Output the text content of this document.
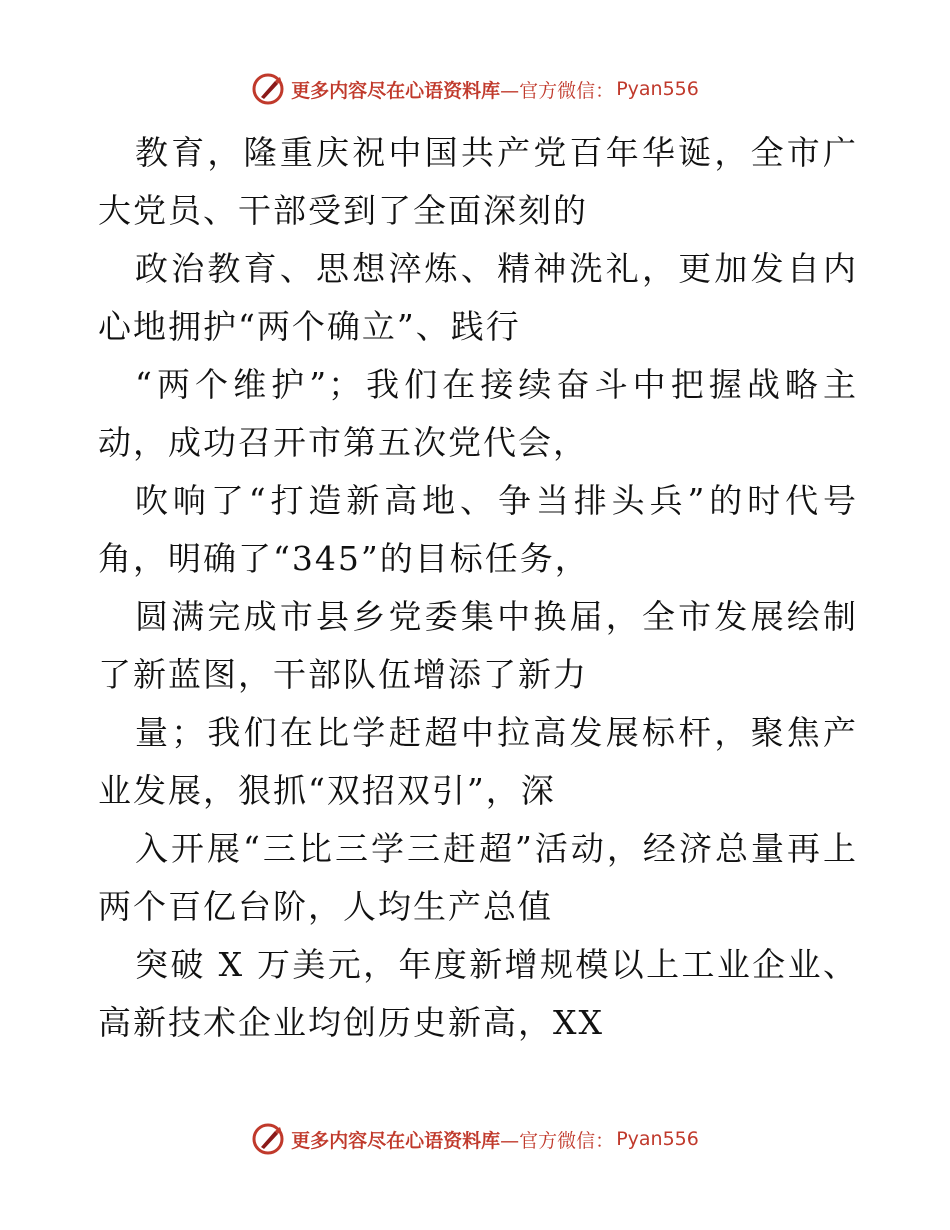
更多内容尽在心语资料库 —官方微信： Pyan556

教育，隆重庆祝中国共产党百年华诞，全市广大党员、干部受到了全面深刻的

政治教育、思想淬炼、精神洗礼，更加发自内心地拥护“两个确立”、践行

“两个维护”；我们在接续奋斗中把握战略主动，成功召开市第五次党代会，

吹响了“打造新高地、争当排头兵”的时代号角，明确了“345”的目标任务，

圆满完成市县乡党委集中换届，全市发展绘制了新蓝图，干部队伍增添了新力

量；我们在比学赶超中拉高发展标杆，聚焦产业发展，狠抓“双招双引”，深

入开展“三比三学三赶超”活动，经济总量再上两个百亿台阶，人均生产总值

突破 X 万美元，年度新增规模以上工业企业、高新技术企业均创历史新高，XX

更多内容尽在心语资料库 —官方微信： Pyan556
